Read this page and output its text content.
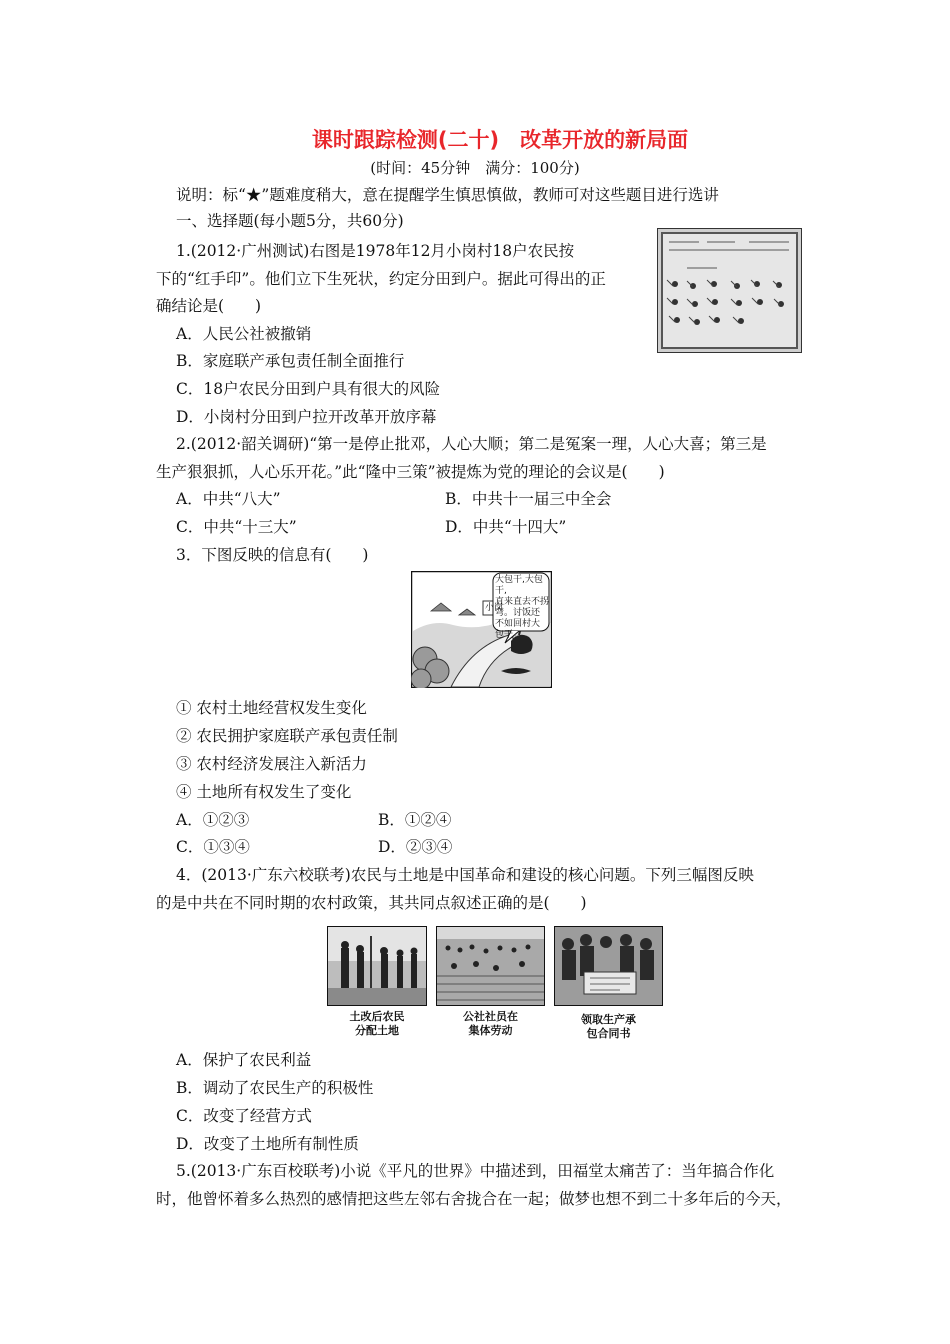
课时跟踪检测(二十)　改革开放的新局面
(时间：45分钟　满分：100分)
说明：标“★”题难度稍大，意在提醒学生慎思慎做，教师可对这些题目进行选讲
一、选择题(每小题5分，共60分)
1.(2012·广州测试)右图是1978年12月小岗村18户农民按
下的“红手印”。他们立下生死状，约定分田到户。据此可得出的正
确结论是(　　)
A．人民公社被撤销
B．家庭联产承包责任制全面推行
C．18户农民分田到户具有很大的风险
D．小岗村分田到户拉开改革开放序幕
2.(2012·韶关调研)“第一是停止批邓，人心大顺；第二是冤案一理，人心大喜；第三是
生产狠狠抓，人心乐开花。”此“隆中三策”被提炼为党的理论的会议是(　　)
A．中共“八大”	B．中共十一届三中全会
C．中共“十三大”	D．中共“十四大”
3．下图反映的信息有(　　)
大包干,大包干,
直来直去不拐
弯。讨饭还
不如回村大
包干。
小岗
① 农村土地经营权发生变化
② 农民拥护家庭联产承包责任制
③ 农村经济发展注入新活力
④ 土地所有权发生了变化
A．①②③	B．①②④
C．①③④	D．②③④
4．(2013·广东六校联考)农民与土地是中国革命和建设的核心问题。下列三幅图反映
的是中共在不同时期的农村政策，其共同点叙述正确的是(　　)
土改后农民
分配土地
公社社员在
集体劳动
领取生产承
包合同书
A．保护了农民利益
B．调动了农民生产的积极性
C．改变了经营方式
D．改变了土地所有制性质
5.(2013·广东百校联考)小说《平凡的世界》中描述到，田福堂太痛苦了：当年搞合作化
时，他曾怀着多么热烈的感情把这些左邻右舍拢合在一起；做梦也想不到二十多年后的今天，
